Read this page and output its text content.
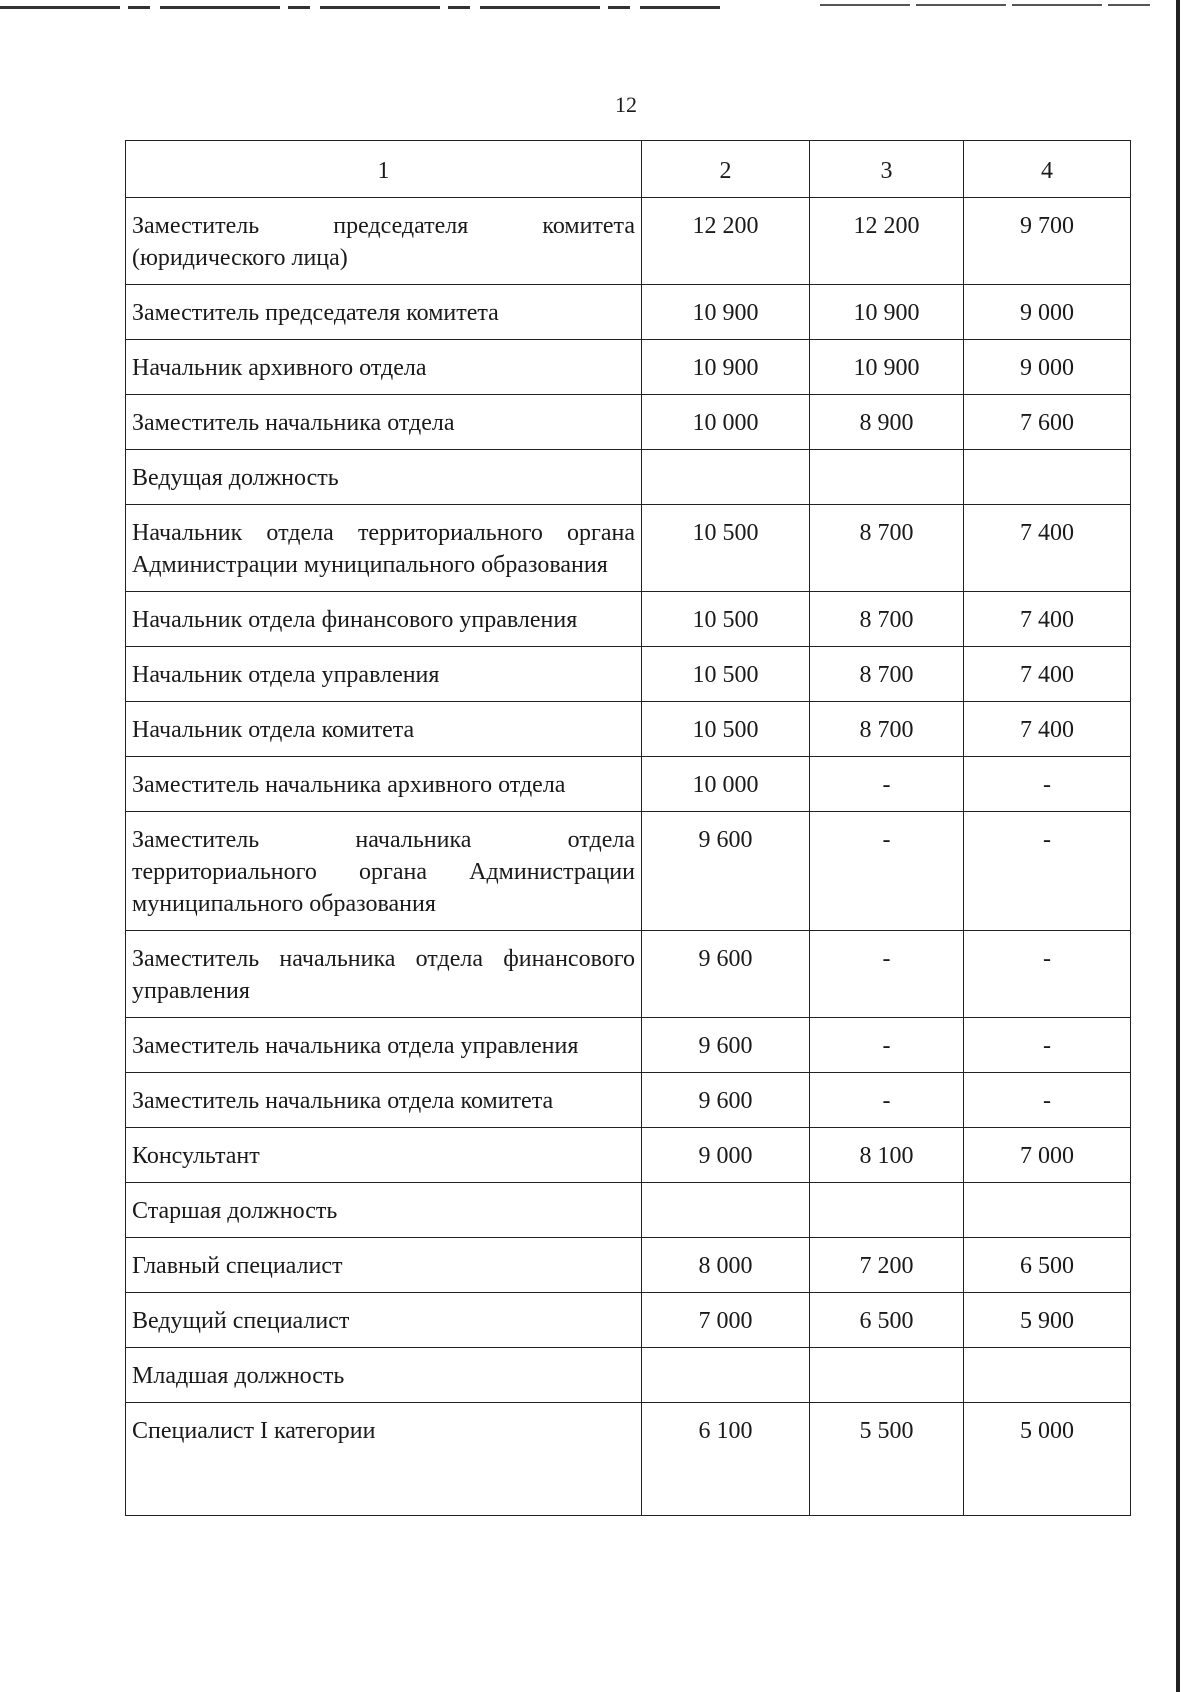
12
1	2	3	4
Заместитель председателя комитета (юридического лица)	12 200	12 200	9 700
Заместитель председателя комитета	10 900	10 900	9 000
Начальник архивного отдела	10 900	10 900	9 000
Заместитель начальника отдела	10 000	8 900	7 600
Ведущая должность			
Начальник отдела территориального органа Администрации муниципального образования	10 500	8 700	7 400
Начальник отдела финансового управления	10 500	8 700	7 400
Начальник отдела управления	10 500	8 700	7 400
Начальник отдела комитета	10 500	8 700	7 400
Заместитель начальника архивного отдела	10 000	-	-
Заместитель начальника отдела территориального органа Администрации муниципального образования	9 600	-	-
Заместитель начальника отдела финансового управления	9 600	-	-
Заместитель начальника отдела управления	9 600	-	-
Заместитель начальника отдела комитета	9 600	-	-
Консультант	9 000	8 100	7 000
Старшая должность			
Главный специалист	8 000	7 200	6 500
Ведущий специалист	7 000	6 500	5 900
Младшая должность			
Специалист I категории	6 100	5 500	5 000
